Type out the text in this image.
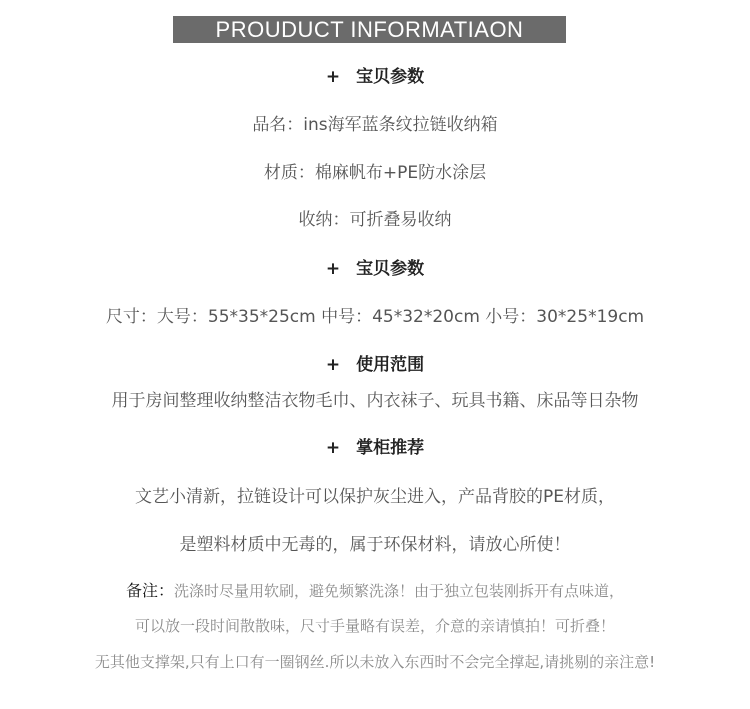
PROUDUCT INFORMATIAON
+ 宝贝参数
品名：ins海军蓝条纹拉链收纳箱
材质：棉麻帆布+PE防水涂层
收纳：可折叠易收纳
+ 宝贝参数
尺寸：大号：55*35*25cm 中号：45*32*20cm 小号：30*25*19cm
+ 使用范围
用于房间整理收纳整洁衣物毛巾、内衣袜子、玩具书籍、床品等日杂物
+ 掌柜推荐
文艺小清新，拉链设计可以保护灰尘进入，产品背胶的PE材质，
是塑料材质中无毒的，属于环保材料，请放心所使！
备注：洗涤时尽量用软刷，避免频繁洗涤！由于独立包装刚拆开有点味道，
可以放一段时间散散味，尺寸手量略有误差，介意的亲请慎拍！可折叠！
无其他支撑架,只有上口有一圈钢丝.所以未放入东西时不会完全撑起,请挑剔的亲注意!
